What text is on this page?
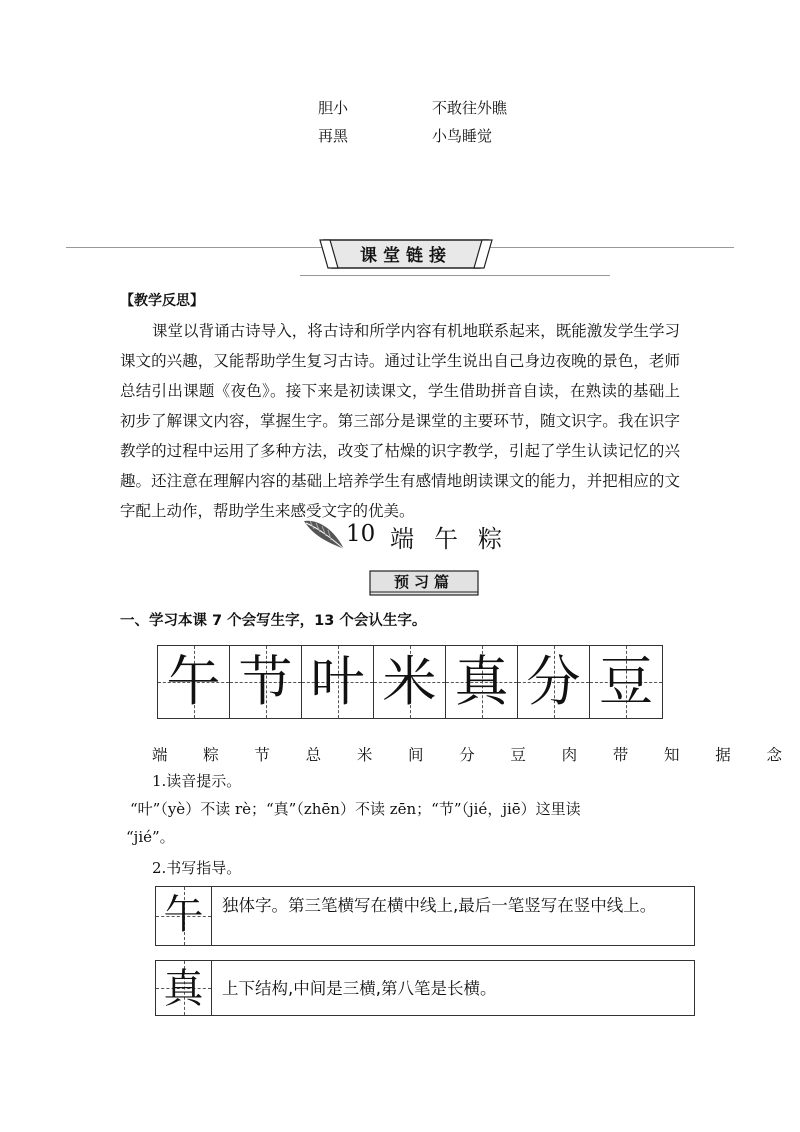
胆小	不敢往外瞧
再黑	小鸟睡觉
课堂链接
【教学反思】
课堂以背诵古诗导入，将古诗和所学内容有机地联系起来，既能激发学生学习课文的兴趣，又能帮助学生复习古诗。通过让学生说出自己身边夜晚的景色，老师总结引出课题《夜色》。接下来是初读课文，学生借助拼音自读，在熟读的基础上初步了解课文内容，掌握生字。第三部分是课堂的主要环节，随文识字。我在识字教学的过程中运用了多种方法，改变了枯燥的识字教学，引起了学生认读记忆的兴趣。还注意在理解内容的基础上培养学生有感情地朗读课文的能力，并把相应的文字配上动作，帮助学生来感受文字的优美。
10 端午粽
预习篇
一、学习本课 7 个会写生字，13 个会认生字。
午 节 叶 米 真 分 豆
端 粽 节 总 米 间 分 豆 肉 带 知 据 念
1.读音提示。
“叶”（yè）不读 rè；“真”（zhēn）不读 zēn；“节”（jié，jiē）这里读
“jié”。
2.书写指导。
午	独体字。第三笔横写在横中线上,最后一笔竖写在竖中线上。
真	上下结构,中间是三横,第八笔是长横。
